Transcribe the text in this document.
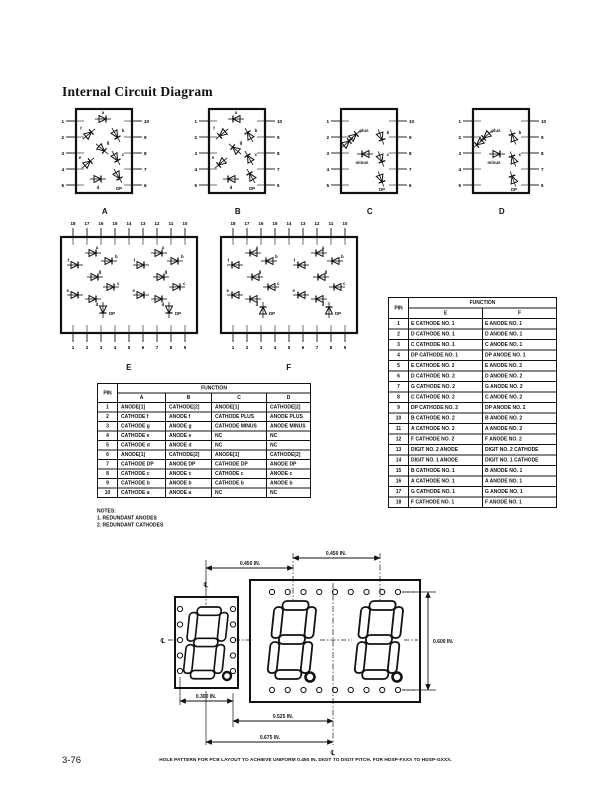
Internal Circuit Diagram
1	10
2	9
3	8
4	7
5	6
a
f	b
g
e
c
d	DP
A
1	10
2	9
3	8
4	7
5	6
a
f	b
g
e
c
d	DP
B
1	10
2	9
3	8
4	7
5	6
plus
minus
b
c
DP
C
1	10
2	9
3	8
4	7
5	6
plus
minus
b
c
DP
D
18
1
17
2
16
3
15
4
14
5
13
6
12
7
11
8
10
9
f
a
b
g
e
c
d
DP
f
a
b
g
e
c
d
DP
E
18
1
17
2
16
3
15
4
14
5
13
6
12
7
11
8
10
9
f
a
b
g
e
c
d
DP
f
a
b
g
e
c
d
DP
F
PIN	FUNCTION	
	E	F
1	E CATHODE NO. 1	E ANODE NO. 1
2	D CATHODE NO. 1	D ANODE NO. 1
3	C CATHODE NO. 1	C ANODE NO. 1
4	DP CATHODE NO. 1	DP ANODE NO. 1
5	E CATHODE NO. 2	E ANODE NO. 2
6	D CATHODE NO. 2	D ANODE NO. 2
7	G CATHODE NO. 2	G ANODE NO. 2
8	C CATHODE NO. 2	C ANODE NO. 2
9	DP CATHODE NO. 2	DP ANODE NO. 2
10	B CATHODE NO. 2	B ANODE NO. 2
11	A CATHODE NO. 2	A ANODE NO. 2
12	F CATHODE NO. 2	F ANODE NO. 2
13	DIGIT NO. 2 ANODE	DIGIT NO. 2 CATHODE
14	DIGIT NO. 1 ANODE	DIGIT NO. 1 CATHODE
15	B CATHODE NO. 1	B ANODE NO. 1
16	A CATHODE NO. 1	A ANODE NO. 1
17	G CATHODE NO. 1	G ANODE NO. 1
18	F CATHODE NO. 1	F ANODE NO. 1
PIN	FUNCTION			
	A	B	C	D
1	ANODE[1]	CATHODE[2]	ANODE[1]	CATHODE[2]
2	CATHODE f	ANODE f	CATHODE PLUS	ANODE PLUS
3	CATHODE g	ANODE g	CATHODE MINUS	ANODE MINUS
4	CATHODE e	ANODE e	NC	NC
5	CATHODE d	ANODE d	NC	NC
6	ANODE[1]	CATHODE[2]	ANODE[1]	CATHODE[2]
7	CATHODE DP	ANODE DP	CATHODE DP	ANODE DP
8	CATHODE c	ANODE c	CATHODE c	ANODE c
9	CATHODE b	ANODE b	CATHODE b	ANODE b
10	CATHODE a	ANODE a	NC	NC
NOTES:
1. REDUNDANT ANODES
2. REDUNDANT CATHODES
℄
℄
℄
0.450 IN.
0.450 IN.
0.600 IN.
0.300 IN.
0.525 IN.
0.675 IN.
HOLE PATTERN FOR PCB LAYOUT TO ACHIEVE UNIFORM 0.450 IN. DIGIT TO DIGIT PITCH. FOR HDSP-FXXX TO HDSP-GXXX.
3-76
